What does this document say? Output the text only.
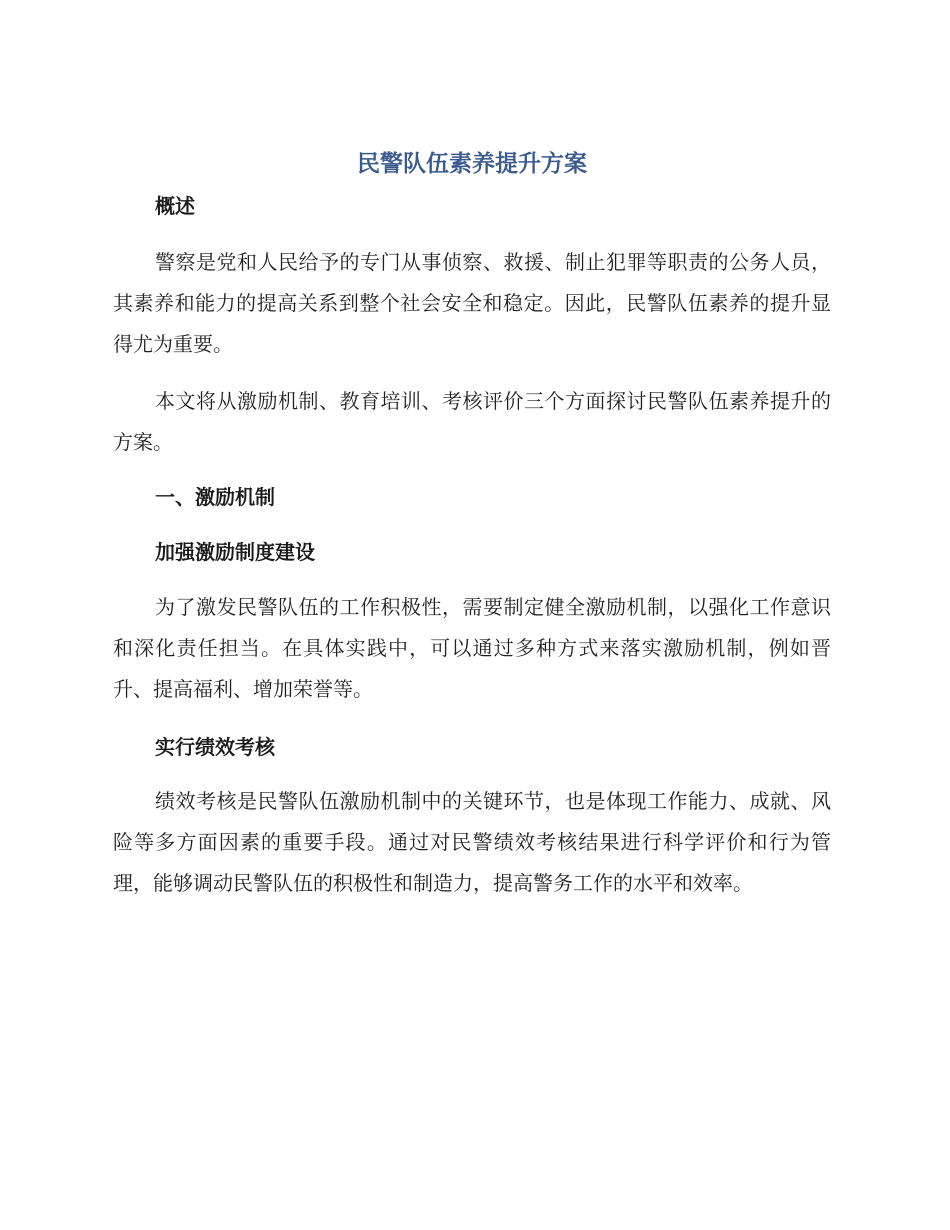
民警队伍素养提升方案
概述

警察是党和人民给予的专门从事侦察、救援、制止犯罪等职责的公务人员，其素养和能力的提高关系到整个社会安全和稳定。因此，民警队伍素养的提升显得尤为重要。

本文将从激励机制、教育培训、考核评价三个方面探讨民警队伍素养提升的方案。

一、激励机制
加强激励制度建设

为了激发民警队伍的工作积极性，需要制定健全激励机制，以强化工作意识和深化责任担当。在具体实践中，可以通过多种方式来落实激励机制，例如晋升、提高福利、增加荣誉等。

实行绩效考核

绩效考核是民警队伍激励机制中的关键环节，也是体现工作能力、成就、风险等多方面因素的重要手段。通过对民警绩效考核结果进行科学评价和行为管理，能够调动民警队伍的积极性和制造力，提高警务工作的水平和效率。
